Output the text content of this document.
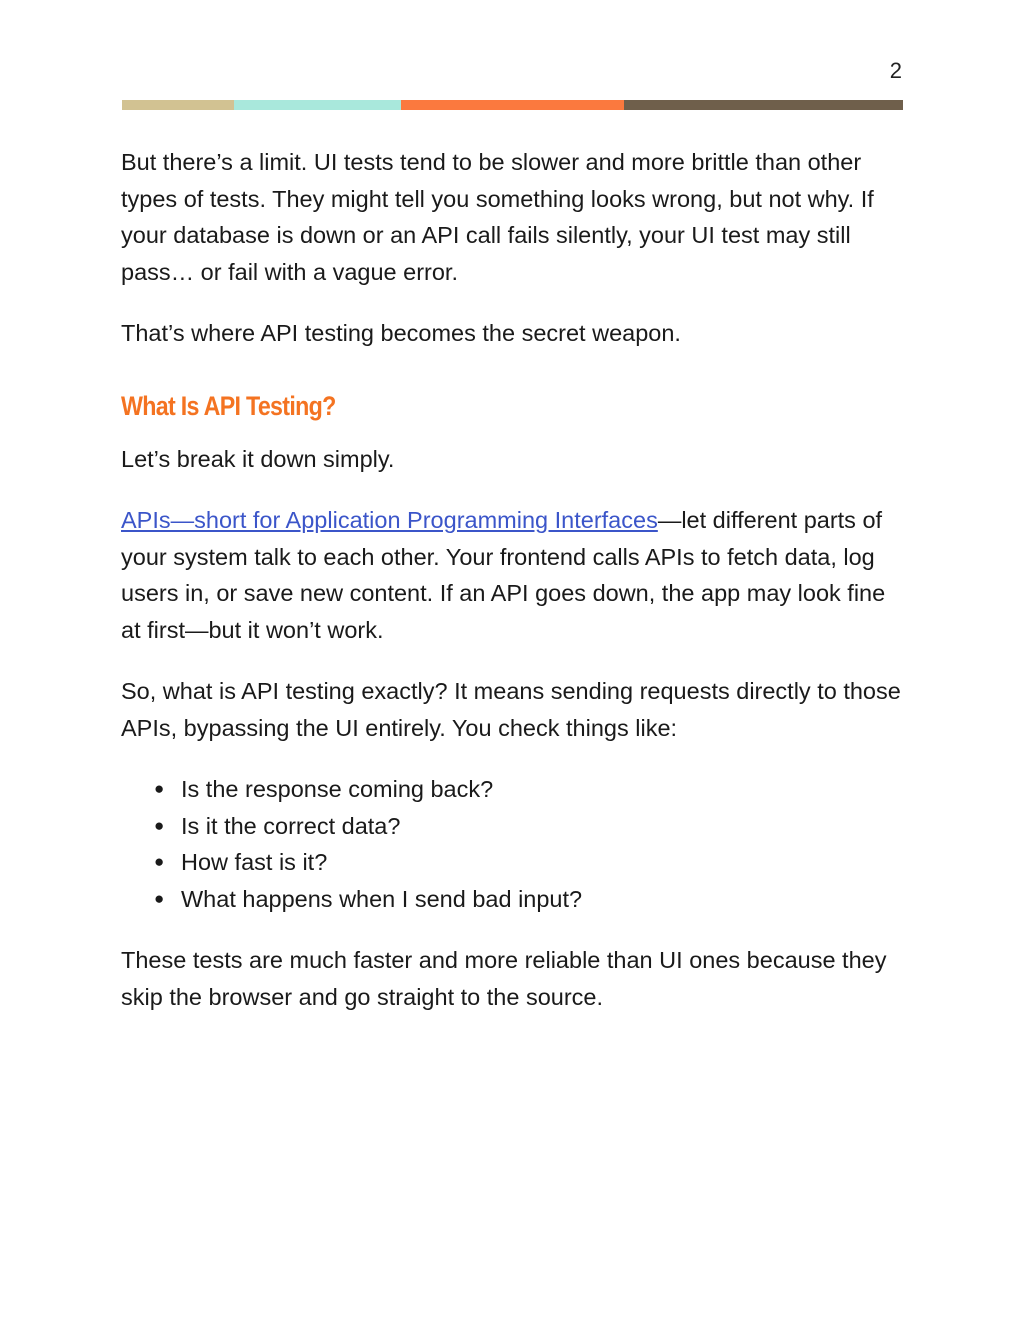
2

But there’s a limit. UI tests tend to be slower and more brittle than other types of tests. They might tell you something looks wrong, but not why. If your database is down or an API call fails silently, your UI test may still pass… or fail with a vague error.

That’s where API testing becomes the secret weapon.

What Is API Testing?

Let’s break it down simply.

APIs—short for Application Programming Interfaces—let different parts of your system talk to each other. Your frontend calls APIs to fetch data, log users in, or save new content. If an API goes down, the app may look fine at first—but it won’t work.

So, what is API testing exactly? It means sending requests directly to those APIs, bypassing the UI entirely. You check things like:

● Is the response coming back?
● Is it the correct data?
● How fast is it?
● What happens when I send bad input?

These tests are much faster and more reliable than UI ones because they skip the browser and go straight to the source.
